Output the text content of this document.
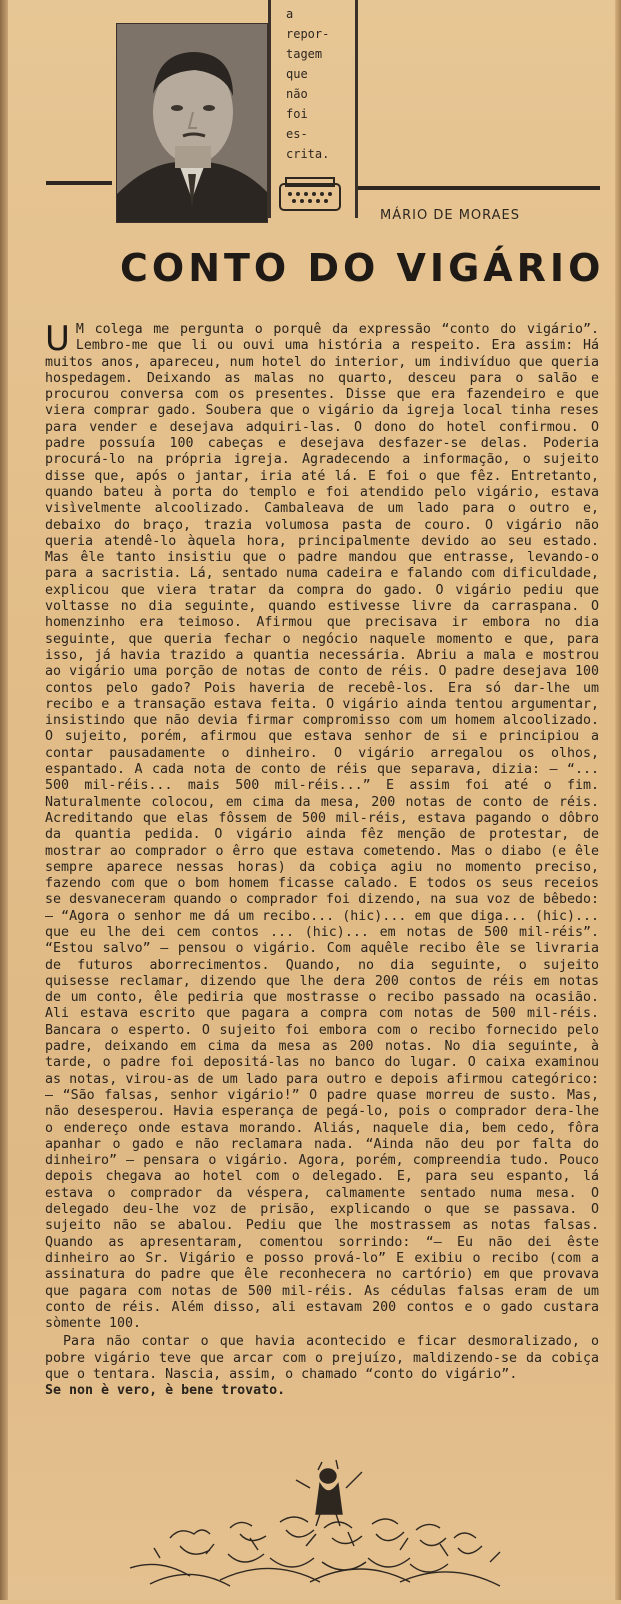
a
repor-
tagem
que
não
foi
es-
crita.
MÁRIO DE MORAES
CONTO DO VIGÁRIO

U M colega me pergunta o porquê da expressão “conto do vigário”. Lembro-me que li ou ouvi uma história a respeito. Era assim: Há muitos anos, apareceu, num hotel do interior, um indivíduo que queria hospedagem. Deixando as malas no quarto, desceu para o salão e procurou conversa com os presentes. Disse que era fazendeiro e que viera comprar gado. Soubera que o vigário da igreja local tinha reses para vender e desejava adquiri-las. O dono do hotel confirmou. O padre possuía 100 cabeças e desejava desfazer-se delas. Poderia procurá-lo na própria igreja. Agradecendo a informação, o sujeito disse que, após o jantar, iria até lá. E foi o que fêz. Entretanto, quando bateu à porta do templo e foi atendido pelo vigário, estava visìvelmente alcoolizado. Cambaleava de um lado para o outro e, debaixo do braço, trazia volumosa pasta de couro. O vigário não queria atendê-lo àquela hora, principalmente devido ao seu estado. Mas êle tanto insistiu que o padre mandou que entrasse, levando-o para a sacristia. Lá, sentado numa cadeira e falando com dificuldade, explicou que viera tratar da compra do gado. O vigário pediu que voltasse no dia seguinte, quando estivesse livre da carraspana. O homenzinho era teimoso. Afirmou que precisava ir embora no dia seguinte, que queria fechar o negócio naquele momento e que, para isso, já havia trazido a quantia necessária. Abriu a mala e mostrou ao vigário uma porção de notas de conto de réis. O padre desejava 100 contos pelo gado? Pois haveria de recebê-los. Era só dar-lhe um recibo e a transação estava feita. O vigário ainda tentou argumentar, insistindo que não devia firmar compromisso com um homem alcoolizado. O sujeito, porém, afirmou que estava senhor de si e principiou a contar pausadamente o dinheiro. O vigário arregalou os olhos, espantado. A cada nota de conto de réis que separava, dizia: — “... 500 mil-réis... mais 500 mil-réis...” E assim foi até o fim. Naturalmente colocou, em cima da mesa, 200 notas de conto de réis. Acreditando que elas fôssem de 500 mil-réis, estava pagando o dôbro da quantia pedida. O vigário ainda fêz menção de protestar, de mostrar ao comprador o êrro que estava cometendo. Mas o diabo (e êle sempre aparece nessas horas) da cobiça agiu no momento preciso, fazendo com que o bom homem ficasse calado. E todos os seus receios se desvaneceram quando o comprador foi dizendo, na sua voz de bêbedo: — “Agora o senhor me dá um recibo... (hic)... em que diga... (hic)... que eu lhe dei cem contos ... (hic)... em notas de 500 mil-réis”. “Estou salvo” — pensou o vigário. Com aquêle recibo êle se livraria de futuros aborrecimentos. Quando, no dia seguinte, o sujeito quisesse reclamar, dizendo que lhe dera 200 contos de réis em notas de um conto, êle pediria que mostrasse o recibo passado na ocasião. Ali estava escrito que pagara a compra com notas de 500 mil-réis. Bancara o esperto. O sujeito foi embora com o recibo fornecido pelo padre, deixando em cima da mesa as 200 notas. No dia seguinte, à tarde, o padre foi depositá-las no banco do lugar. O caixa examinou as notas, virou-as de um lado para outro e depois afirmou categórico: — “São falsas, senhor vigário!” O padre quase morreu de susto. Mas, não desesperou. Havia esperança de pegá-lo, pois o comprador dera-lhe o endereço onde estava morando. Aliás, naquele dia, bem cedo, fôra apanhar o gado e não reclamara nada. “Ainda não deu por falta do dinheiro” — pensara o vigário. Agora, porém, compreendia tudo. Pouco depois chegava ao hotel com o delegado. E, para seu espanto, lá estava o comprador da véspera, calmamente sentado numa mesa. O delegado deu-lhe voz de prisão, explicando o que se passava. O sujeito não se abalou. Pediu que lhe mostrassem as notas falsas. Quando as apresentaram, comentou sorrindo: “— Eu não dei êste dinheiro ao Sr. Vigário e posso prová-lo” E exibiu o recibo (com a assinatura do padre que êle reconhecera no cartório) em que provava que pagara com notas de 500 mil-réis. As cédulas falsas eram de um conto de réis. Além disso, ali estavam 200 contos e o gado custara sòmente 100.

Para não contar o que havia acontecido e ficar desmoralizado, o pobre vigário teve que arcar com o prejuízo, maldizendo-se da cobiça que o tentara. Nascia, assim, o chamado “conto do vigário”.

Se non è vero, è bene trovato.
